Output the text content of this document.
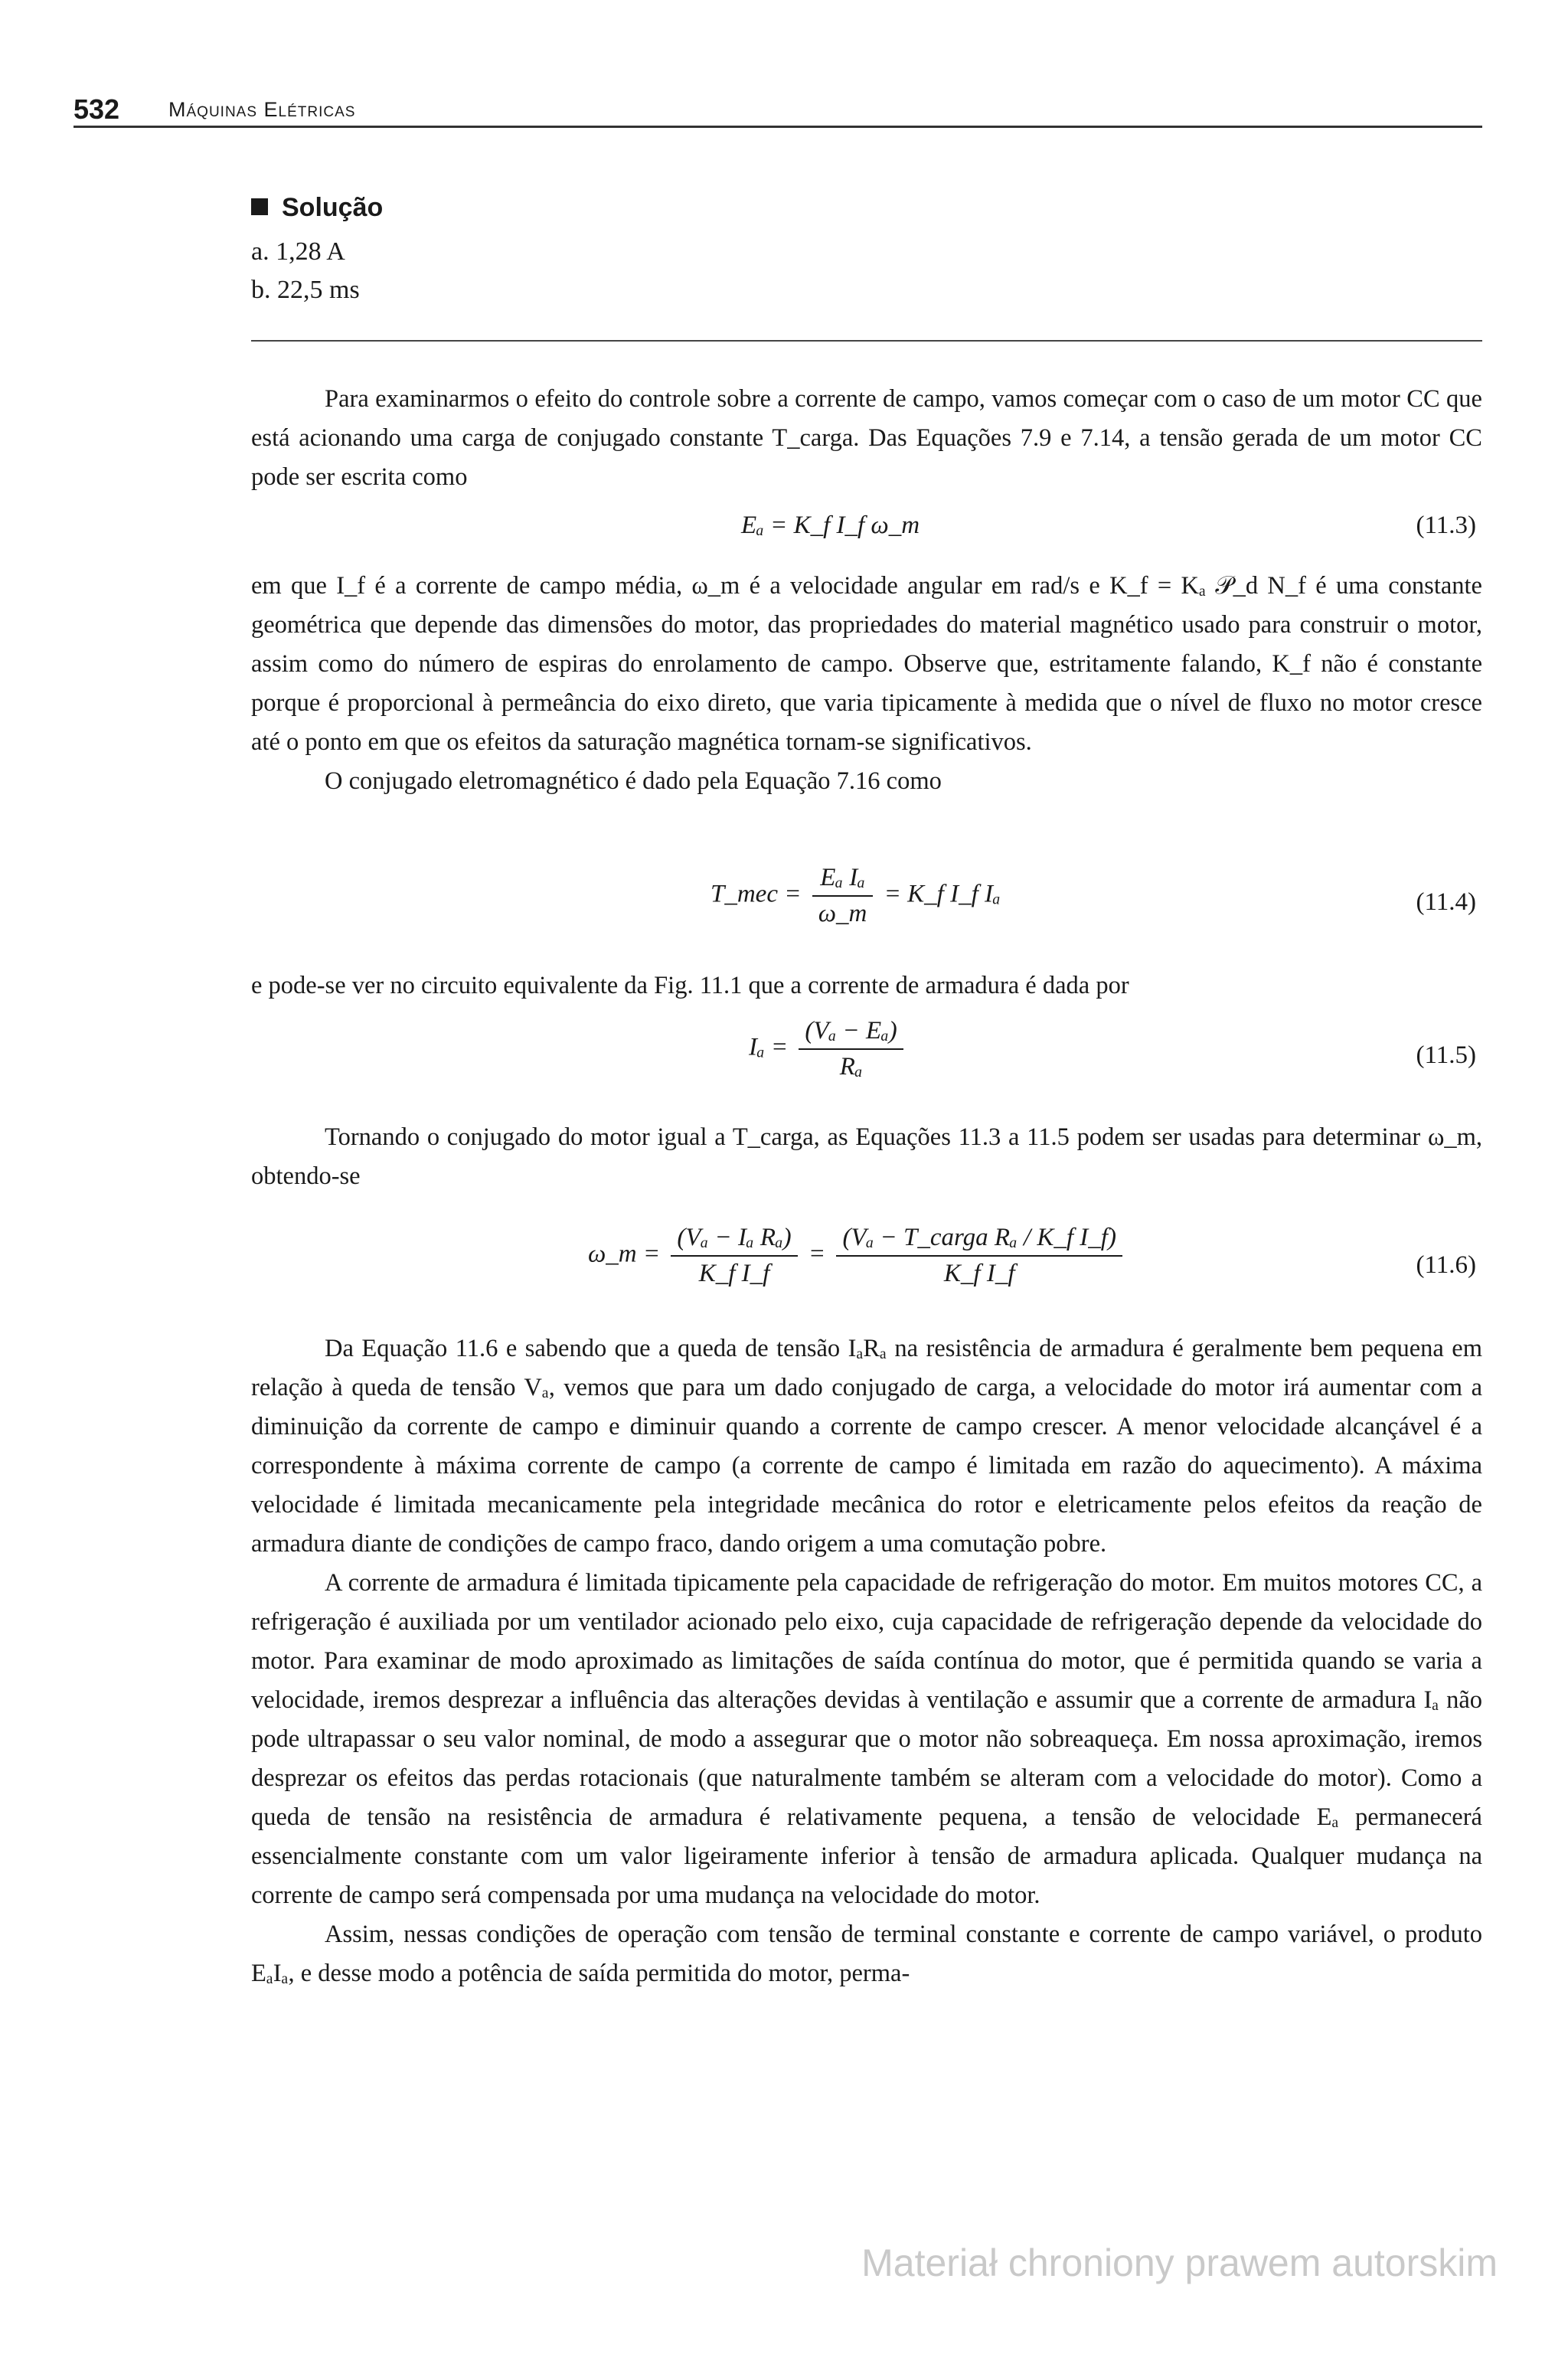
532 Máquinas Elétricas
Solução
a. 1,28 A
b. 22,5 ms

Para examinarmos o efeito do controle sobre a corrente de campo, vamos começar com o caso de um motor CC que está acionando uma carga de conjugado constante T_carga. Das Equações 7.9 e 7.14, a tensão gerada de um motor CC pode ser escrita como

Eₐ = K_f I_f ω_m	(11.3)

em que I_f é a corrente de campo média, ω_m é a velocidade angular em rad/s e K_f = Kₐ 𝒫_d N_f é uma constante geométrica que depende das dimensões do motor, das propriedades do material magnético usado para construir o motor, assim como do número de espiras do enrolamento de campo. Observe que, estritamente falando, K_f não é constante porque é proporcional à permeância do eixo direto, que varia tipicamente à medida que o nível de fluxo no motor cresce até o ponto em que os efeitos da saturação magnética tornam-se significativos.

O conjugado eletromagnético é dado pela Equação 7.16 como

T_mec = $\frac{\text{Eₐ Iₐ}}{\omega\_m}$ = K_f I_f Iₐ	(11.4)

e pode-se ver no circuito equivalente da Fig. 11.1 que a corrente de armadura é dada por

$I_a = \frac{\text{(Vₐ − Eₐ)}}{\text{Rₐ}}$	(11.5)

Tornando o conjugado do motor igual a T_carga, as Equações 11.3 a 11.5 podem ser usadas para determinar ω_m, obtendo-se

ω_m = $\frac{\text{(Vₐ − Iₐ Rₐ)}}{\text{K\_f I\_f}} = \frac{\text{(Vₐ − T\_carga Rₐ / K\_f I\_f)}}{\text{K\_f I\_f}}$	(11.6)

Da Equação 11.6 e sabendo que a queda de tensão IₐRₐ na resistência de armadura é geralmente bem pequena em relação à queda de tensão Vₐ, vemos que para um dado conjugado de carga, a velocidade do motor irá aumentar com a diminuição da corrente de campo e diminuir quando a corrente de campo crescer. A menor velocidade alcançável é a correspondente à máxima corrente de campo (a corrente de campo é limitada em razão do aquecimento). A máxima velocidade é limitada mecanicamente pela integridade mecânica do rotor e eletricamente pelos efeitos da reação de armadura diante de condições de campo fraco, dando origem a uma comutação pobre.

A corrente de armadura é limitada tipicamente pela capacidade de refrigeração do motor. Em muitos motores CC, a refrigeração é auxiliada por um ventilador acionado pelo eixo, cuja capacidade de refrigeração depende da velocidade do motor. Para examinar de modo aproximado as limitações de saída contínua do motor, que é permitida quando se varia a velocidade, iremos desprezar a influência das alterações devidas à ventilação e assumir que a corrente de armadura Iₐ não pode ultrapassar o seu valor nominal, de modo a assegurar que o motor não sobreaqueça. Em nossa aproximação, iremos desprezar os efeitos das perdas rotacionais (que naturalmente também se alteram com a velocidade do motor). Como a queda de tensão na resistência de armadura é relativamente pequena, a tensão de velocidade Eₐ permanecerá essencialmente constante com um valor ligeiramente inferior à tensão de armadura aplicada. Qualquer mudança na corrente de campo será compensada por uma mudança na velocidade do motor.

Assim, nessas condições de operação com tensão de terminal constante e corrente de campo variável, o produto EₐIₐ, e desse modo a potência de saída permitida do motor, perma-

Materiał chroniony prawem autorskim
